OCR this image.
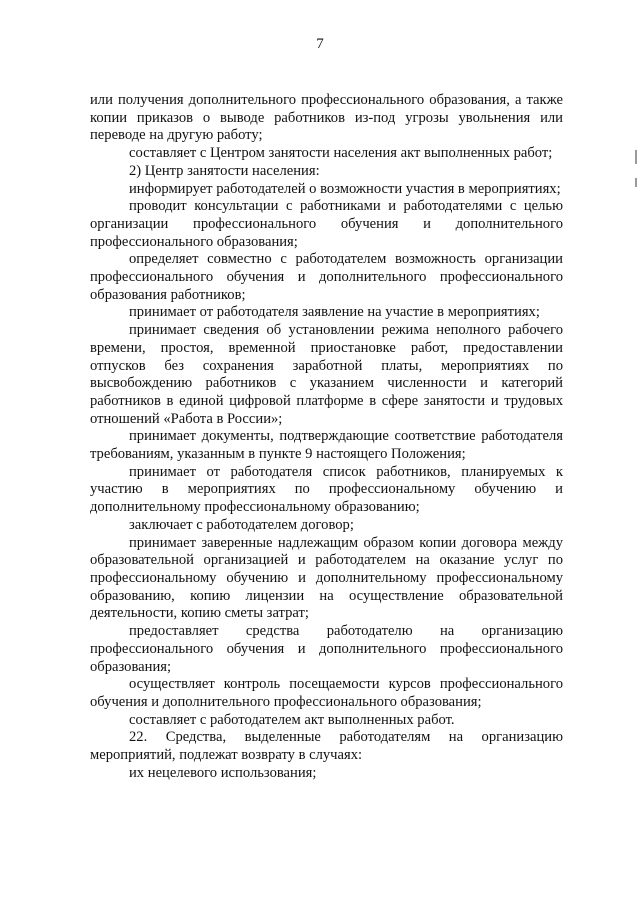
7

или получения дополнительного профессионального образования, а также копии приказов о выводе работников из-под угрозы увольнения или переводе на другую работу;

составляет с Центром занятости населения акт выполненных работ;

2) Центр занятости населения:

информирует работодателей о возможности участия в мероприятиях;

проводит консультации с работниками и работодателями с целью организации профессионального обучения и дополнительного профессионального образования;

определяет совместно с работодателем возможность организации профессионального обучения и дополнительного профессионального образования работников;

принимает от работодателя заявление на участие в мероприятиях;

принимает сведения об установлении режима неполного рабочего времени, простоя, временной приостановке работ, предоставлении отпусков без сохранения заработной платы, мероприятиях по высвобождению работников с указанием численности и категорий работников в единой цифровой платформе в сфере занятости и трудовых отношений «Работа в России»;

принимает документы, подтверждающие соответствие работодателя требованиям, указанным в пункте 9 настоящего Положения;

принимает от работодателя список работников, планируемых к участию в мероприятиях по профессиональному обучению и дополнительному профессиональному образованию;

заключает с работодателем договор;

принимает заверенные надлежащим образом копии договора между образовательной организацией и работодателем на оказание услуг по профессиональному обучению и дополнительному профессиональному образованию, копию лицензии на осуществление образовательной деятельности, копию сметы затрат;

предоставляет средства работодателю на организацию профессионального обучения и дополнительного профессионального образования;

осуществляет контроль посещаемости курсов профессионального обучения и дополнительного профессионального образования;

составляет с работодателем акт выполненных работ.

22. Средства, выделенные работодателям на организацию мероприятий, подлежат возврату в случаях:

их нецелевого использования;
